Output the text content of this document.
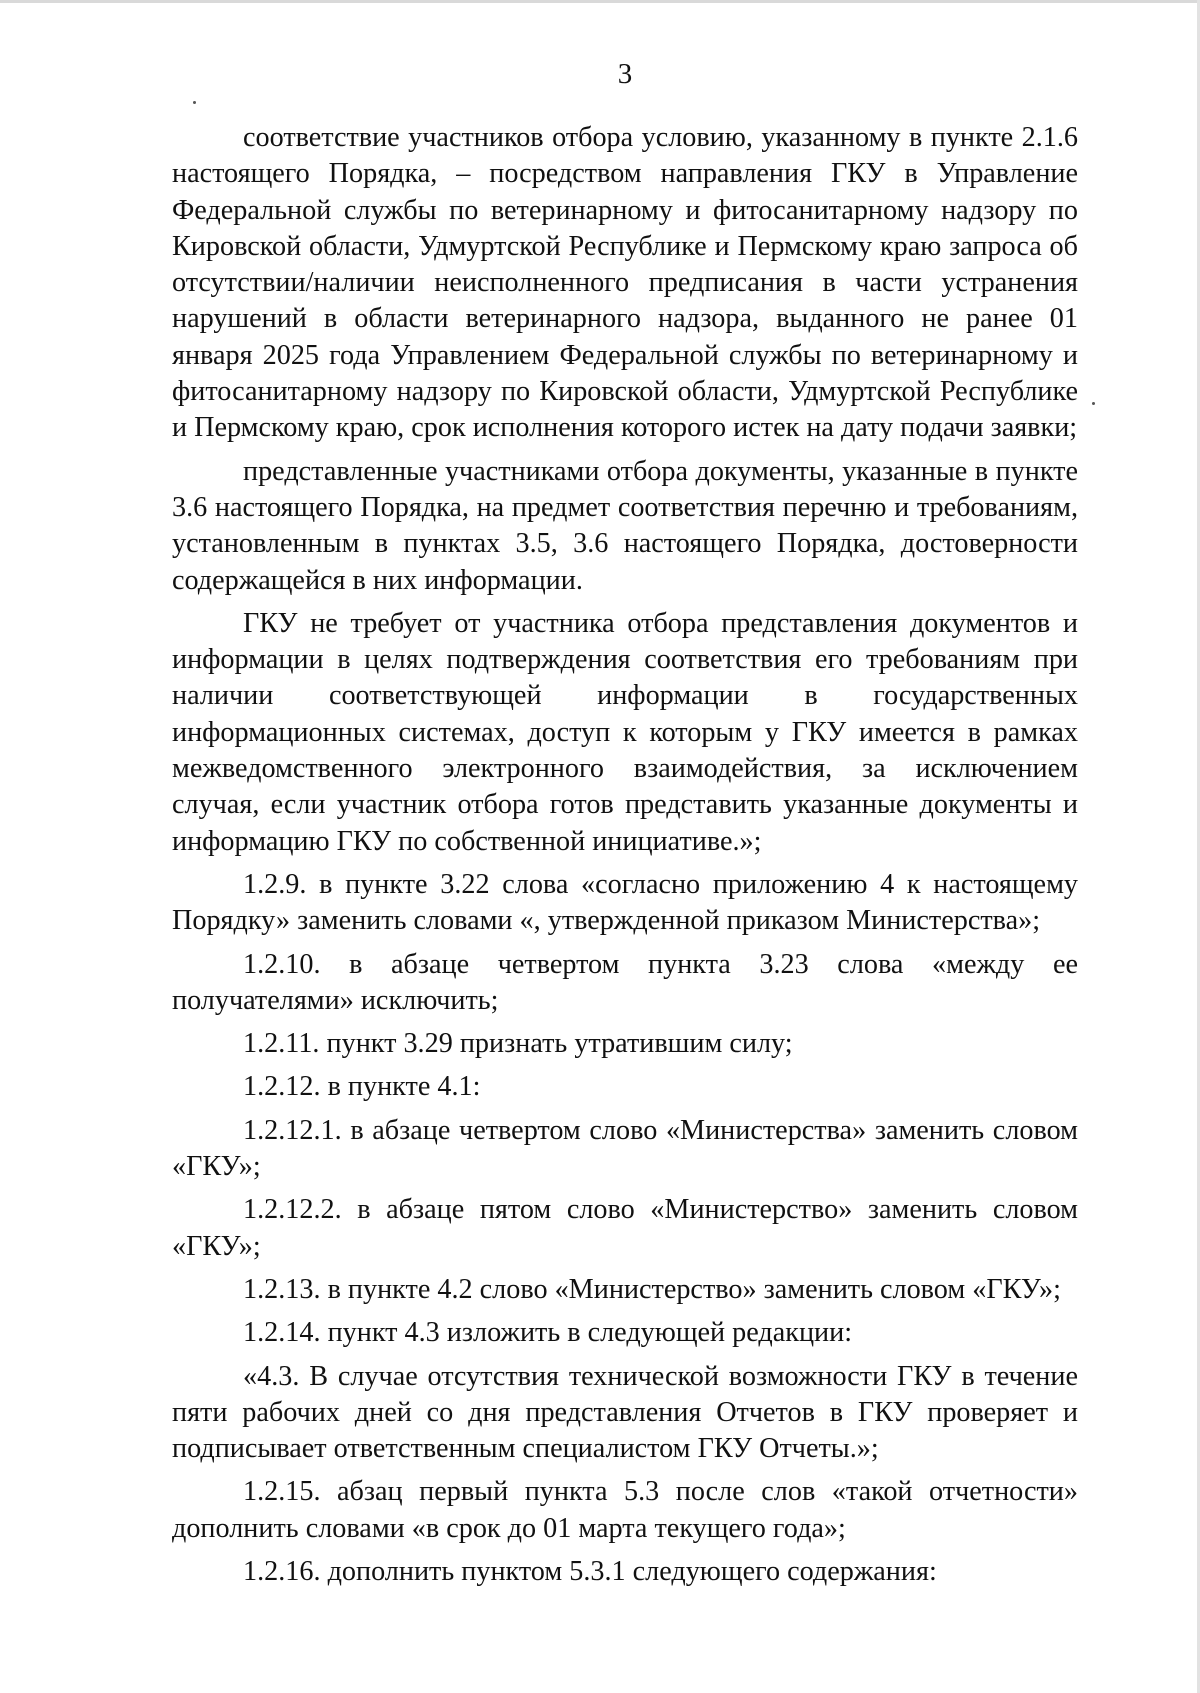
3

соответствие участников отбора условию, указанному в пункте 2.1.6 настоящего Порядка, – посредством направления ГКУ в Управление Федеральной службы по ветеринарному и фитосанитарному надзору по Кировской области, Удмуртской Республике и Пермскому краю запроса об отсутствии/наличии неисполненного предписания в части устранения нарушений в области ветеринарного надзора, выданного не ранее 01 января 2025 года Управлением Федеральной службы по ветеринарному и фитосанитарному надзору по Кировской области, Удмуртской Республике и Пермскому краю, срок исполнения которого истек на дату подачи заявки;

представленные участниками отбора документы, указанные в пункте 3.6 настоящего Порядка, на предмет соответствия перечню и требованиям, установленным в пунктах 3.5, 3.6 настоящего Порядка, достоверности содержащейся в них информации.

ГКУ не требует от участника отбора представления документов и информации в целях подтверждения соответствия его требованиям при наличии соответствующей информации в государственных информационных системах, доступ к которым у ГКУ имеется в рамках межведомственного электронного взаимодействия, за исключением случая, если участник отбора готов представить указанные документы и информацию ГКУ по собственной инициативе.»;

1.2.9. в пункте 3.22 слова «согласно приложению 4 к настоящему Порядку» заменить словами «, утвержденной приказом Министерства»;

1.2.10. в абзаце четвертом пункта 3.23 слова «между ее получателями» исключить;

1.2.11. пункт 3.29 признать утратившим силу;

1.2.12. в пункте 4.1:

1.2.12.1. в абзаце четвертом слово «Министерства» заменить словом «ГКУ»;

1.2.12.2. в абзаце пятом слово «Министерство» заменить словом «ГКУ»;

1.2.13. в пункте 4.2 слово «Министерство» заменить словом «ГКУ»;

1.2.14. пункт 4.3 изложить в следующей редакции:

«4.3. В случае отсутствия технической возможности ГКУ в течение пяти рабочих дней со дня представления Отчетов в ГКУ проверяет и подписывает ответственным специалистом ГКУ Отчеты.»;

1.2.15. абзац первый пункта 5.3 после слов «такой отчетности» дополнить словами «в срок до 01 марта текущего года»;

1.2.16. дополнить пунктом 5.3.1 следующего содержания:
